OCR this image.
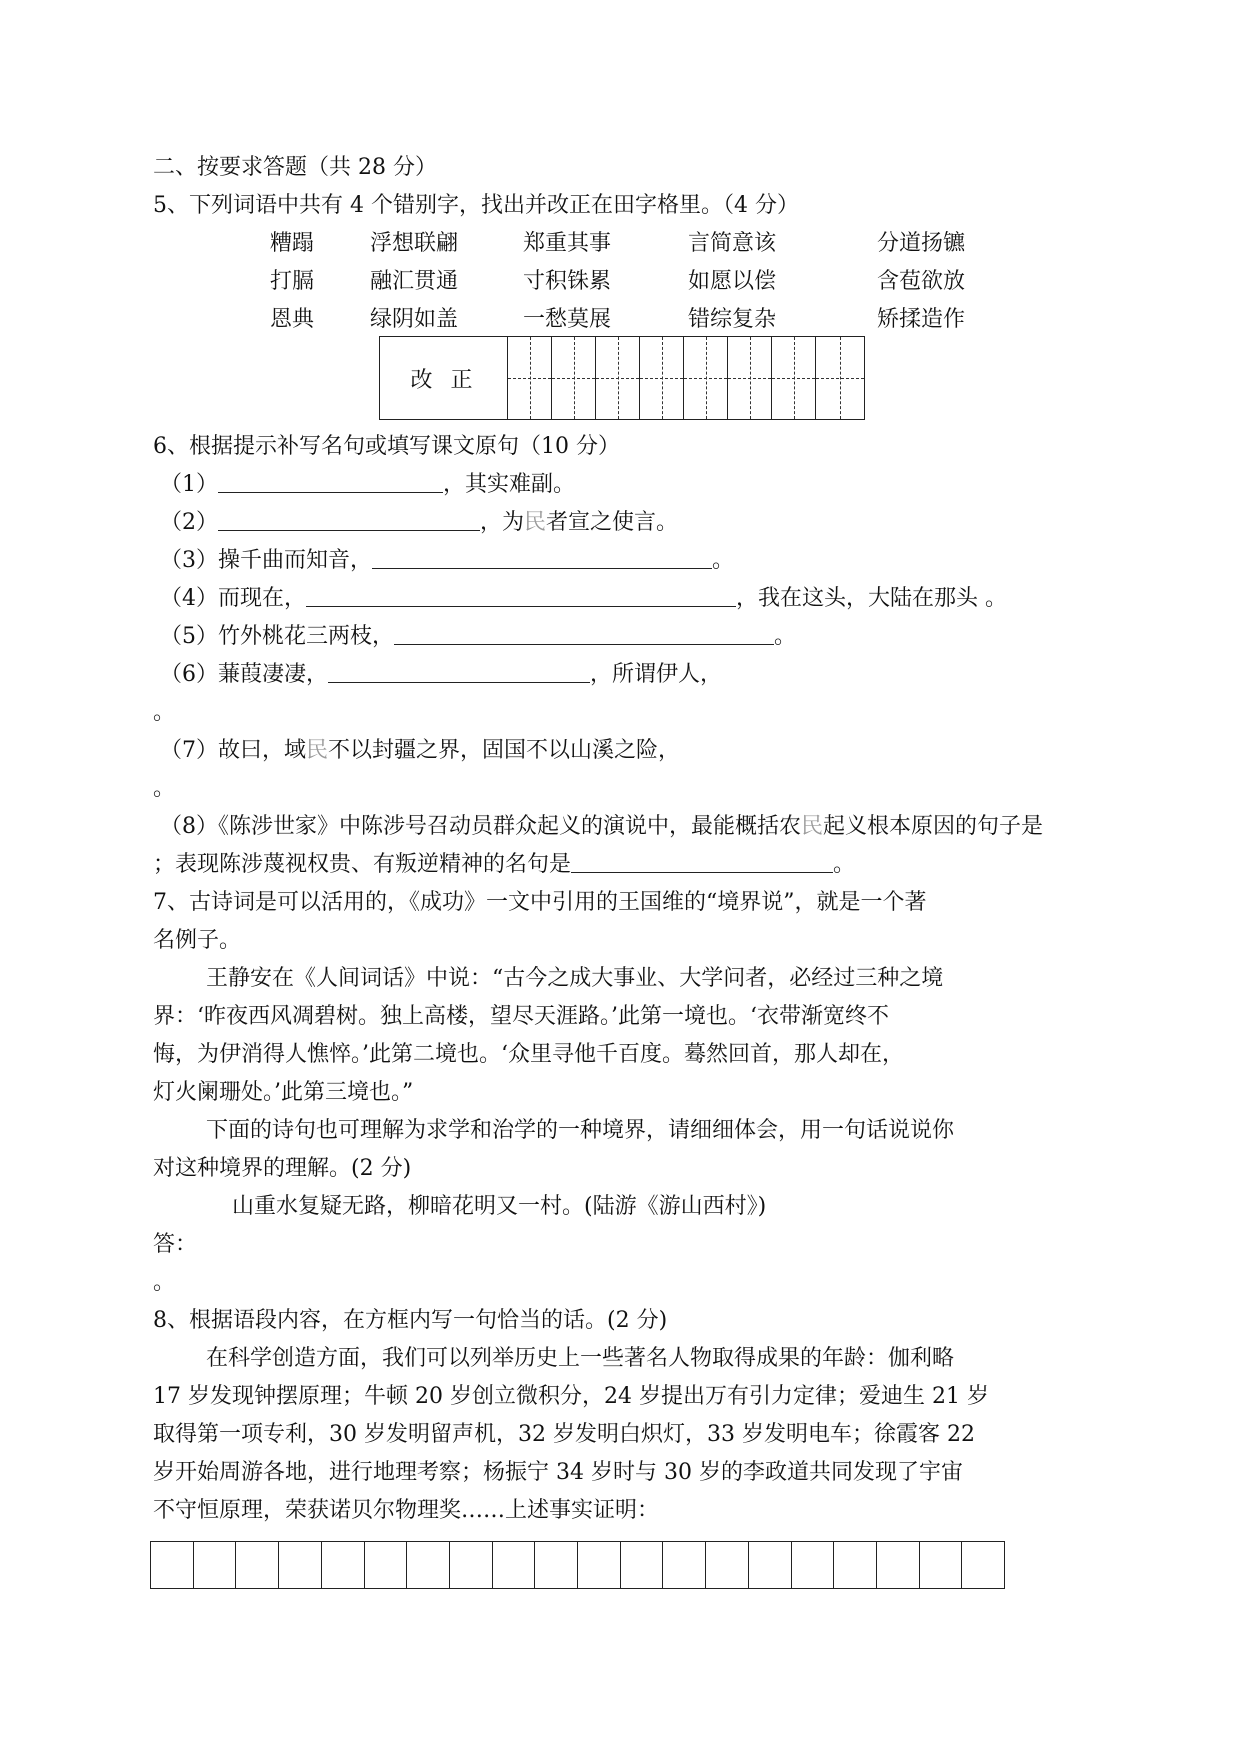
二、按要求答题（共 28 分）
5、下列词语中共有 4 个错别字，找出并改正在田字格里。（4 分）
糟蹋	浮想联翩	郑重其事	言简意该	分道扬镳
打膈	融汇贯通	寸积铢累	如愿以偿	含苞欲放
恩典	绿阴如盖	一愁莫展	错综复杂	矫揉造作
改正
6、根据提示补写名句或填写课文原句（10 分）
（1）	，其实难副。
（2）	，为民者宣之使言。
（3）操千曲而知音，	。
（4）而现在，	，我在这头，大陆在那头 。
（5）竹外桃花三两枝，	。
（6）蒹葭凄凄，	，所谓伊人，
。
（7）故曰，域民不以封疆之界，固国不以山溪之险，
。
（8）《陈涉世家》中陈涉号召动员群众起义的演说中，最能概括农民起义根本原因的句子是
；表现陈涉蔑视权贵、有叛逆精神的名句是	。
7、古诗词是可以活用的，《成功》一文中引用的王国维的“境界说”，就是一个著
名例子。
王静安在《人间词话》中说：“古今之成大事业、大学问者，必经过三种之境
界：‘昨夜西风凋碧树。独上高楼，望尽天涯路。’此第一境也。‘衣带渐宽终不
悔，为伊消得人憔悴。’此第二境也。‘众里寻他千百度。蓦然回首，那人却在，
灯火阑珊处。’此第三境也。”
下面的诗句也可理解为求学和治学的一种境界，请细细体会，用一句话说说你
对这种境界的理解。(2 分)
山重水复疑无路，柳暗花明又一村。(陆游《游山西村》)
答：
。
8、根据语段内容，在方框内写一句恰当的话。(2 分)
在科学创造方面，我们可以列举历史上一些著名人物取得成果的年龄：伽利略
17 岁发现钟摆原理；牛顿 20 岁创立微积分，24 岁提出万有引力定律；爱迪生 21 岁
取得第一项专利，30 岁发明留声机，32 岁发明白炽灯，33 岁发明电车；徐霞客 22
岁开始周游各地，进行地理考察；杨振宁 34 岁时与 30 岁的李政道共同发现了宇宙
不守恒原理，荣获诺贝尔物理奖……上述事实证明：
